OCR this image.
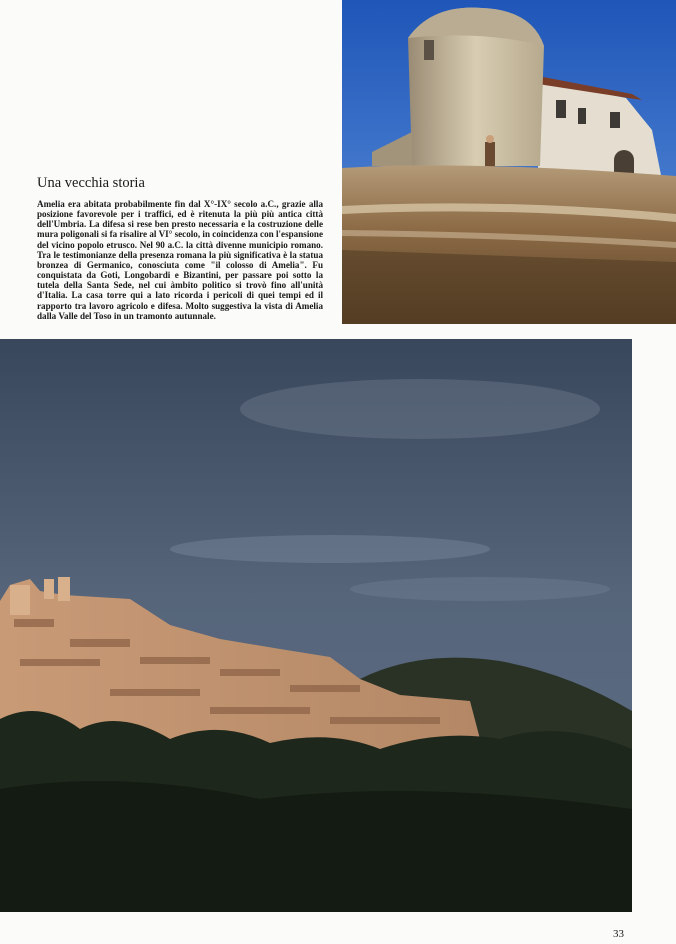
Una vecchia storia

Amelia era abitata probabilmente fin dal X°-IX° secolo a.C., grazie alla posizione favorevole per i traffici, ed è ritenuta la più più antica città dell'Umbria. La difesa si rese ben presto necessaria e la costruzione delle mura poligonali si fa risalire al VI° secolo, in coincidenza con l'espansione del vicino popolo etrusco. Nel 90 a.C. la città divenne municipio romano. Tra le testimonianze della presenza romana la più significativa è la statua bronzea di Germanico, conosciuta come "il colosso di Amelia". Fu conquistata da Goti, Longobardi e Bizantini, per passare poi sotto la tutela della Santa Sede, nel cui àmbito politico si trovò fino all'unità d'Italia. La casa torre qui a lato ricorda i pericoli di quei tempi ed il rapporto tra lavoro agricolo e difesa. Molto suggestiva la vista di Amelia dalla Valle del Toso in un tramonto autunnale.

33
